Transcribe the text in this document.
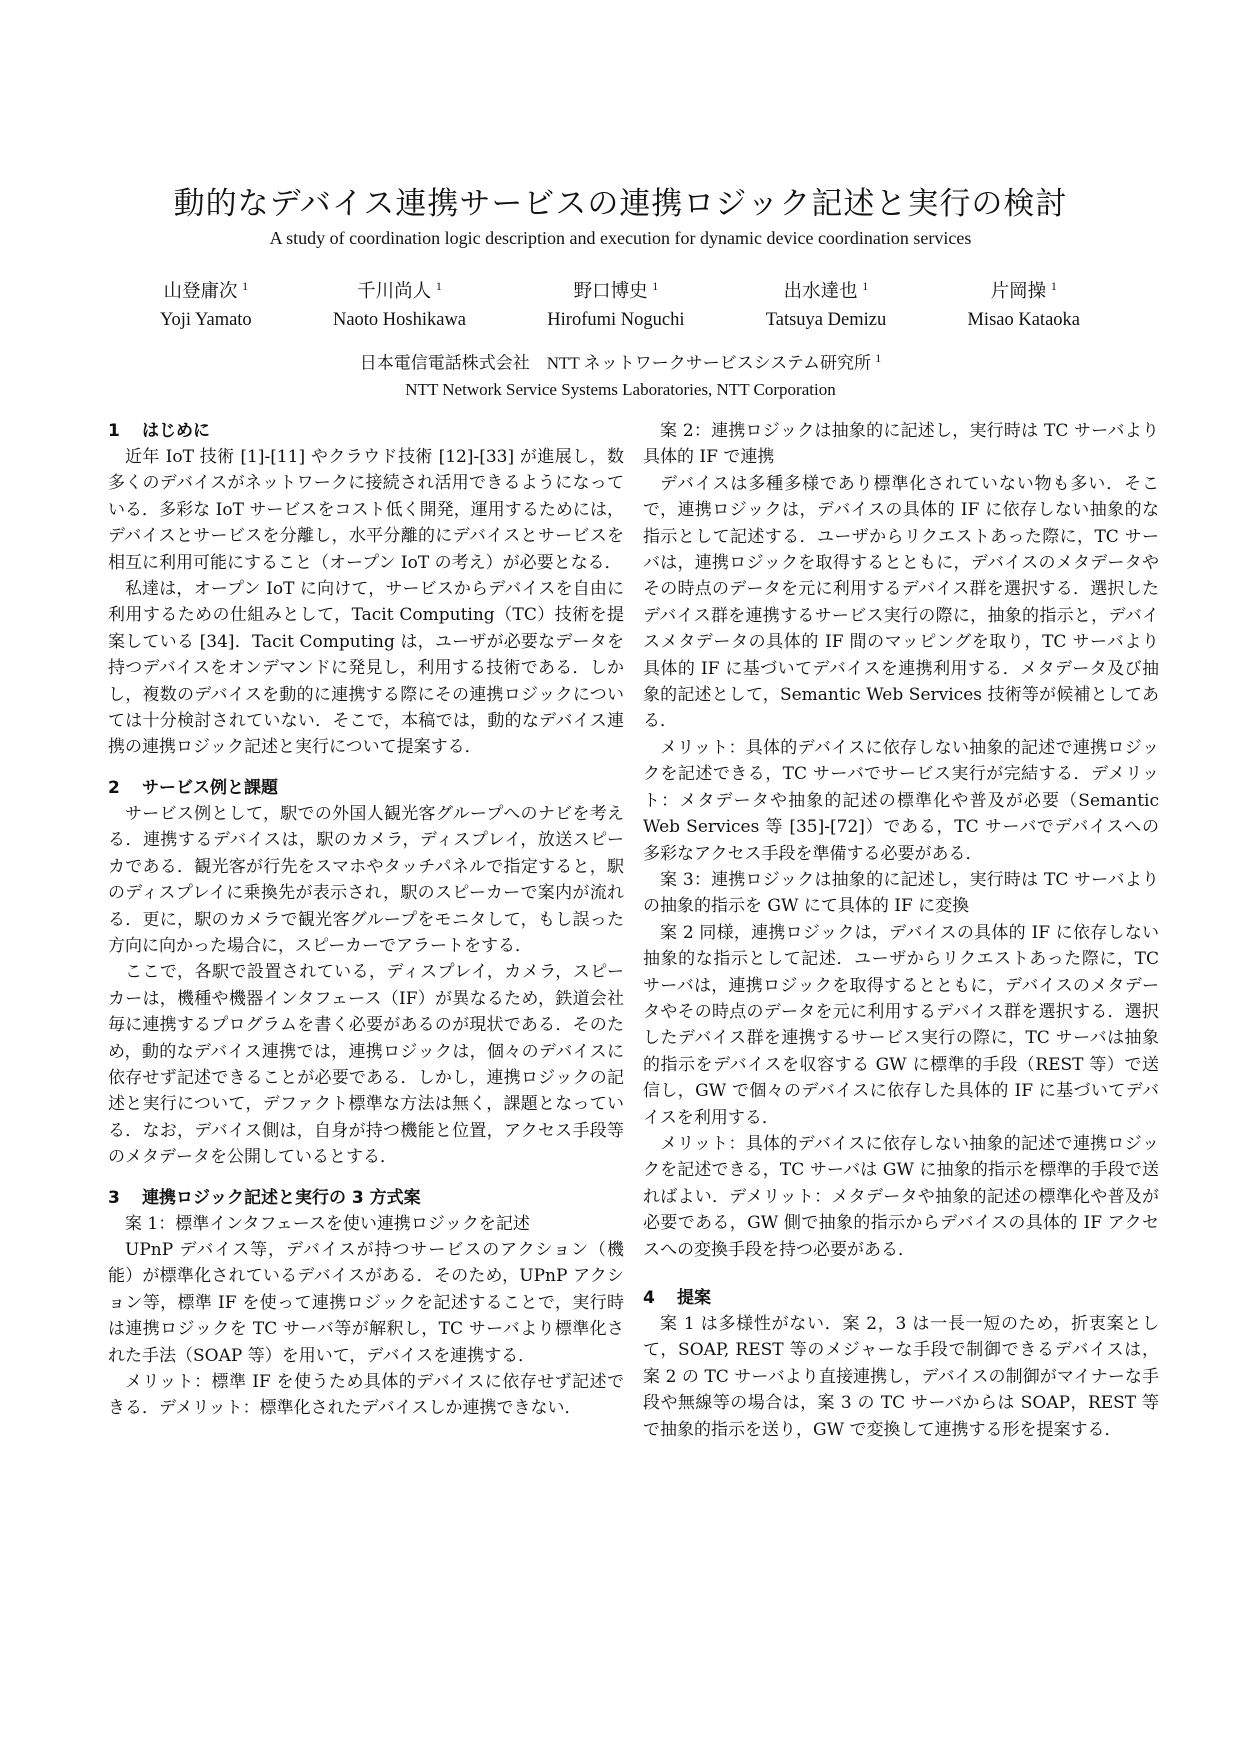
動的なデバイス連携サービスの連携ロジック記述と実行の検討
A study of coordination logic description and execution for dynamic device coordination services
山登庸次 $^1$
Yoji Yamato
千川尚人 $^1$
Naoto Hoshikawa
野口博史 $^1$
Hirofumi Noguchi
出水達也 $^1$
Tatsuya Demizu
片岡操 $^1$
Misao Kataoka
日本電信電話株式会社　NTT ネットワークサービスシステム研究所 $^1$
NTT Network Service Systems Laboratories, NTT Corporation
1 はじめに

近年 IoT 技術 [1]-[11] やクラウド技術 [12]-[33] が進展し，数多くのデバイスがネットワークに接続され活用できるようになっている．多彩な IoT サービスをコスト低く開発，運用するためには，デバイスとサービスを分離し，水平分離的にデバイスとサービスを相互に利用可能にすること（オープン IoT の考え）が必要となる．

私達は，オープン IoT に向けて，サービスからデバイスを自由に利用するための仕組みとして，Tacit Computing（TC）技術を提案している [34]．Tacit Computing は，ユーザが必要なデータを持つデバイスをオンデマンドに発見し，利用する技術である．しかし，複数のデバイスを動的に連携する際にその連携ロジックについては十分検討されていない．そこで，本稿では，動的なデバイス連携の連携ロジック記述と実行について提案する．

2 サービス例と課題

サービス例として，駅での外国人観光客グループへのナビを考える．連携するデバイスは，駅のカメラ，ディスプレイ，放送スピーカである．観光客が行先をスマホやタッチパネルで指定すると，駅のディスプレイに乗換先が表示され，駅のスピーカーで案内が流れる．更に，駅のカメラで観光客グループをモニタして，もし誤った方向に向かった場合に，スピーカーでアラートをする．

ここで，各駅で設置されている，ディスプレイ，カメラ，スピーカーは，機種や機器インタフェース（IF）が異なるため，鉄道会社毎に連携するプログラムを書く必要があるのが現状である．そのため，動的なデバイス連携では，連携ロジックは，個々のデバイスに依存せず記述できることが必要である．しかし，連携ロジックの記述と実行について，デファクト標準な方法は無く，課題となっている．なお，デバイス側は，自身が持つ機能と位置，アクセス手段等のメタデータを公開しているとする．

3 連携ロジック記述と実行の 3 方式案

案 1：標準インタフェースを使い連携ロジックを記述

UPnP デバイス等，デバイスが持つサービスのアクション（機能）が標準化されているデバイスがある．そのため，UPnP アクション等，標準 IF を使って連携ロジックを記述することで，実行時は連携ロジックを TC サーバ等が解釈し，TC サーバより標準化された手法（SOAP 等）を用いて，デバイスを連携する．

メリット：標準 IF を使うため具体的デバイスに依存せず記述できる．デメリット：標準化されたデバイスしか連携できない．

案 2：連携ロジックは抽象的に記述し，実行時は TC サーバより具体的 IF で連携

デバイスは多種多様であり標準化されていない物も多い．そこで，連携ロジックは，デバイスの具体的 IF に依存しない抽象的な指示として記述する．ユーザからリクエストあった際に，TC サーバは，連携ロジックを取得するとともに，デバイスのメタデータやその時点のデータを元に利用するデバイス群を選択する．選択したデバイス群を連携するサービス実行の際に，抽象的指示と，デバイスメタデータの具体的 IF 間のマッピングを取り，TC サーバより具体的 IF に基づいてデバイスを連携利用する．メタデータ及び抽象的記述として，Semantic Web Services 技術等が候補としてある．

メリット：具体的デバイスに依存しない抽象的記述で連携ロジックを記述できる，TC サーバでサービス実行が完結する．デメリット：メタデータや抽象的記述の標準化や普及が必要（Semantic Web Services 等 [35]-[72]）である，TC サーバでデバイスへの多彩なアクセス手段を準備する必要がある．

案 3：連携ロジックは抽象的に記述し，実行時は TC サーバよりの抽象的指示を GW にて具体的 IF に変換

案 2 同様，連携ロジックは，デバイスの具体的 IF に依存しない抽象的な指示として記述．ユーザからリクエストあった際に，TC サーバは，連携ロジックを取得するとともに，デバイスのメタデータやその時点のデータを元に利用するデバイス群を選択する．選択したデバイス群を連携するサービス実行の際に，TC サーバは抽象的指示をデバイスを収容する GW に標準的手段（REST 等）で送信し，GW で個々のデバイスに依存した具体的 IF に基づいてデバイスを利用する．

メリット：具体的デバイスに依存しない抽象的記述で連携ロジックを記述できる，TC サーバは GW に抽象的指示を標準的手段で送ればよい．デメリット：メタデータや抽象的記述の標準化や普及が必要である，GW 側で抽象的指示からデバイスの具体的 IF アクセスへの変換手段を持つ必要がある．

4 提案

案 1 は多様性がない．案 2，3 は一長一短のため，折衷案として，SOAP, REST 等のメジャーな手段で制御できるデバイスは，案 2 の TC サーバより直接連携し，デバイスの制御がマイナーな手段や無線等の場合は，案 3 の TC サーバからは SOAP，REST 等で抽象的指示を送り，GW で変換して連携する形を提案する．
